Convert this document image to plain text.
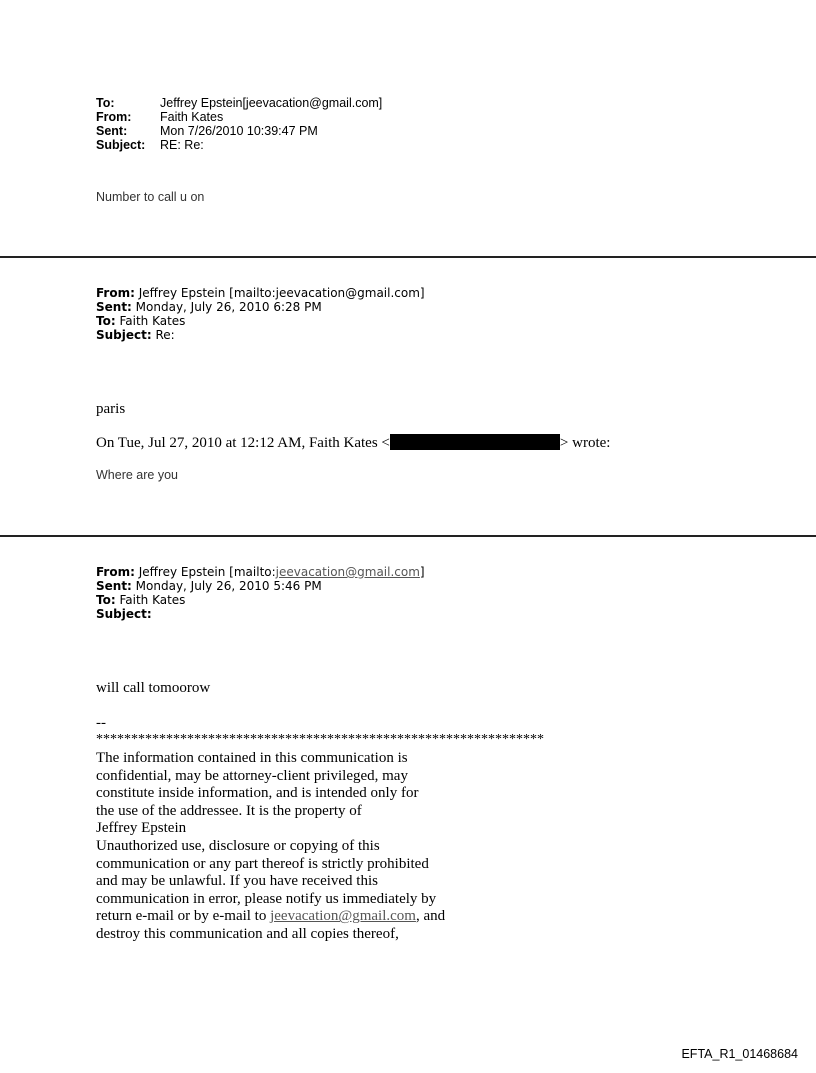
To:	Jeffrey Epstein[jeevacation@gmail.com]
From:	Faith Kates
Sent:	Mon 7/26/2010 10:39:47 PM
Subject:	RE: Re:
Number to call u on
From: Jeffrey Epstein [mailto:jeevacation@gmail.com]
Sent: Monday, July 26, 2010 6:28 PM
To: Faith Kates
Subject: Re:
paris
On Tue, Jul 27, 2010 at 12:12 AM, Faith Kates <	> wrote:
Where are you
From: Jeffrey Epstein [mailto:jeevacation@gmail.com]
Sent: Monday, July 26, 2010 5:46 PM
To: Faith Kates
Subject:
will call tomoorow
--
****************************************************************
The information contained in this communication is
confidential, may be attorney-client privileged, may
constitute inside information, and is intended only for
the use of the addressee. It is the property of
Jeffrey Epstein
Unauthorized use, disclosure or copying of this
communication or any part thereof is strictly prohibited
and may be unlawful. If you have received this
communication in error, please notify us immediately by
return e-mail or by e-mail to jeevacation@gmail.com, and
destroy this communication and all copies thereof,
EFTA_R1_01468684
